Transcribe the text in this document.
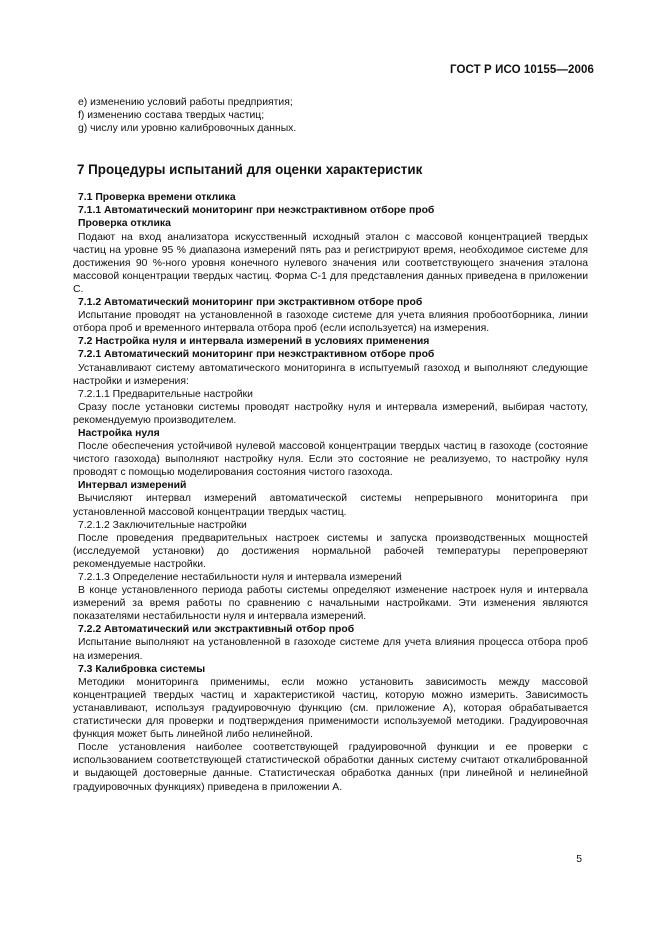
ГОСТ Р ИСО 10155—2006
е) изменению условий работы предприятия;
f) изменению состава твердых частиц;
g) числу или уровню калибровочных данных.
7 Процедуры испытаний для оценки характеристик
7.1 Проверка времени отклика
7.1.1 Автоматический мониторинг при неэкстрактивном отборе проб

Проверка отклика

Подают на вход анализатора искусственный исходный эталон с массовой концентрацией твердых частиц на уровне 95 % диапазона измерений пять раз и регистрируют время, необходимое системе для достижения 90 %-ного уровня конечного нулевого значения или соответствующего значения эталона массовой концентрации твердых частиц. Форма С-1 для представления данных приведена в приложении С.

7.1.2 Автоматический мониторинг при экстрактивном отборе проб

Испытание проводят на установленной в газоходе системе для учета влияния пробоотборника, линии отбора проб и временного интервала отбора проб (если используется) на измерения.

7.2 Настройка нуля и интервала измерений в условиях применения
7.2.1 Автоматический мониторинг при неэкстрактивном отборе проб

Устанавливают систему автоматического мониторинга в испытуемый газоход и выполняют следующие настройки и измерения:

7.2.1.1 Предварительные настройки

Сразу после установки системы проводят настройку нуля и интервала измерений, выбирая частоту, рекомендуемую производителем.

Настройка нуля

После обеспечения устойчивой нулевой массовой концентрации твердых частиц в газоходе (состояние чистого газохода) выполняют настройку нуля. Если это состояние не реализуемо, то настройку нуля проводят с помощью моделирования состояния чистого газохода.

Интервал измерений

Вычисляют интервал измерений автоматической системы непрерывного мониторинга при установленной массовой концентрации твердых частиц.

7.2.1.2 Заключительные настройки

После проведения предварительных настроек системы и запуска производственных мощностей (исследуемой установки) до достижения нормальной рабочей температуры перепроверяют рекомендуемые настройки.

7.2.1.3 Определение нестабильности нуля и интервала измерений

В конце установленного периода работы системы определяют изменение настроек нуля и интервала измерений за время работы по сравнению с начальными настройками. Эти изменения являются показателями нестабильности нуля и интервала измерений.

7.2.2 Автоматический или экстрактивный отбор проб

Испытание выполняют на установленной в газоходе системе для учета влияния процесса отбора проб на измерения.

7.3 Калибровка системы

Методики мониторинга применимы, если можно установить зависимость между массовой концентрацией твердых частиц и характеристикой частиц, которую можно измерить. Зависимость устанавливают, используя градуировочную функцию (см. приложение А), которая обрабатывается статистически для проверки и подтверждения применимости используемой методики. Градуировочная функция может быть линейной либо нелинейной.

После установления наиболее соответствующей градуировочной функции и ее проверки с использованием соответствующей статистической обработки данных систему считают откалиброванной и выдающей достоверные данные. Статистическая обработка данных (при линейной и нелинейной градуировочных функциях) приведена в приложении А.

5
